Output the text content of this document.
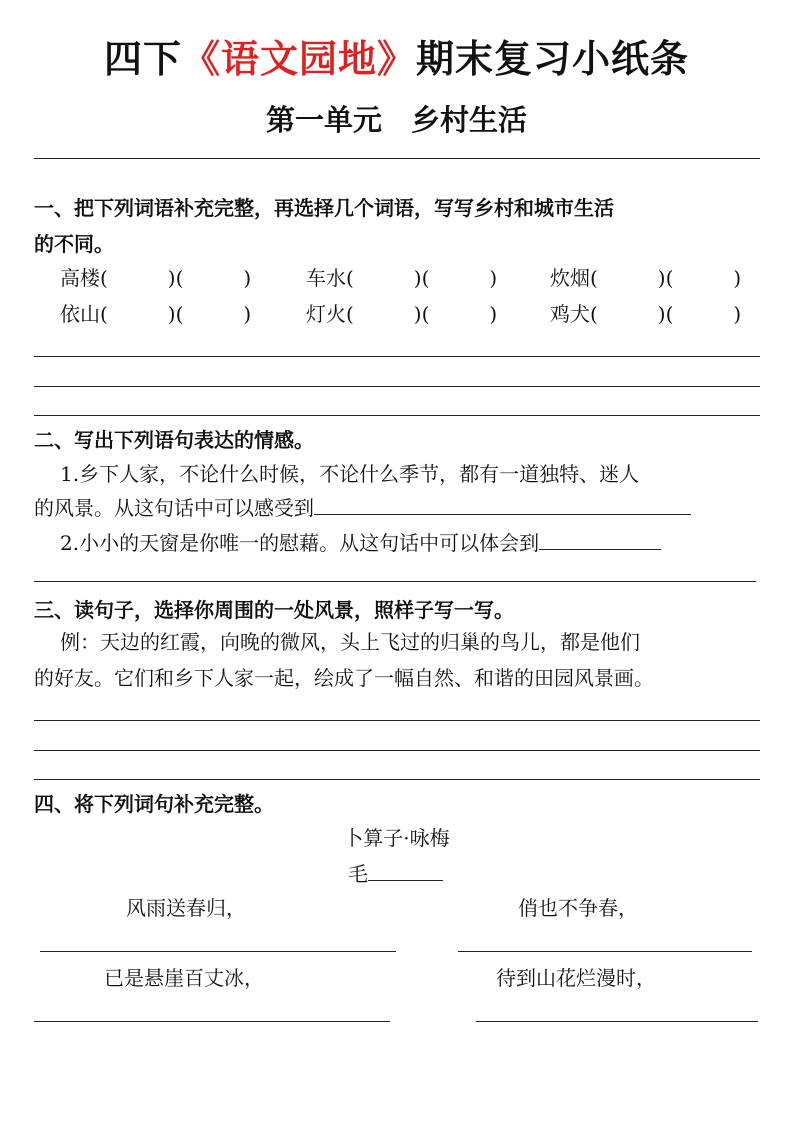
四下《语文园地》期末复习小纸条
第一单元　乡村生活
一、把下列词语补充完整，再选择几个词语，写写乡村和城市生活
的不同。
高楼(　　　)(　　　)	车水(　　　)(　　　)	炊烟(　　　)(　　　)
依山(　　　)(　　　)	灯火(　　　)(　　　)	鸡犬(　　　)(　　　)
二、写出下列语句表达的情感。
1.乡下人家，不论什么时候，不论什么季节，都有一道独特、迷人
的风景。从这句话中可以感受到
2.小小的天窗是你唯一的慰藉。从这句话中可以体会到
三、读句子，选择你周围的一处风景，照样子写一写。
例：天边的红霞，向晚的微风，头上飞过的归巢的鸟儿，都是他们
的好友。它们和乡下人家一起，绘成了一幅自然、和谐的田园风景画。
四、将下列词句补充完整。
卜算子·咏梅
毛
风雨送春归，	俏也不争春，
已是悬崖百丈冰，	待到山花烂漫时，
